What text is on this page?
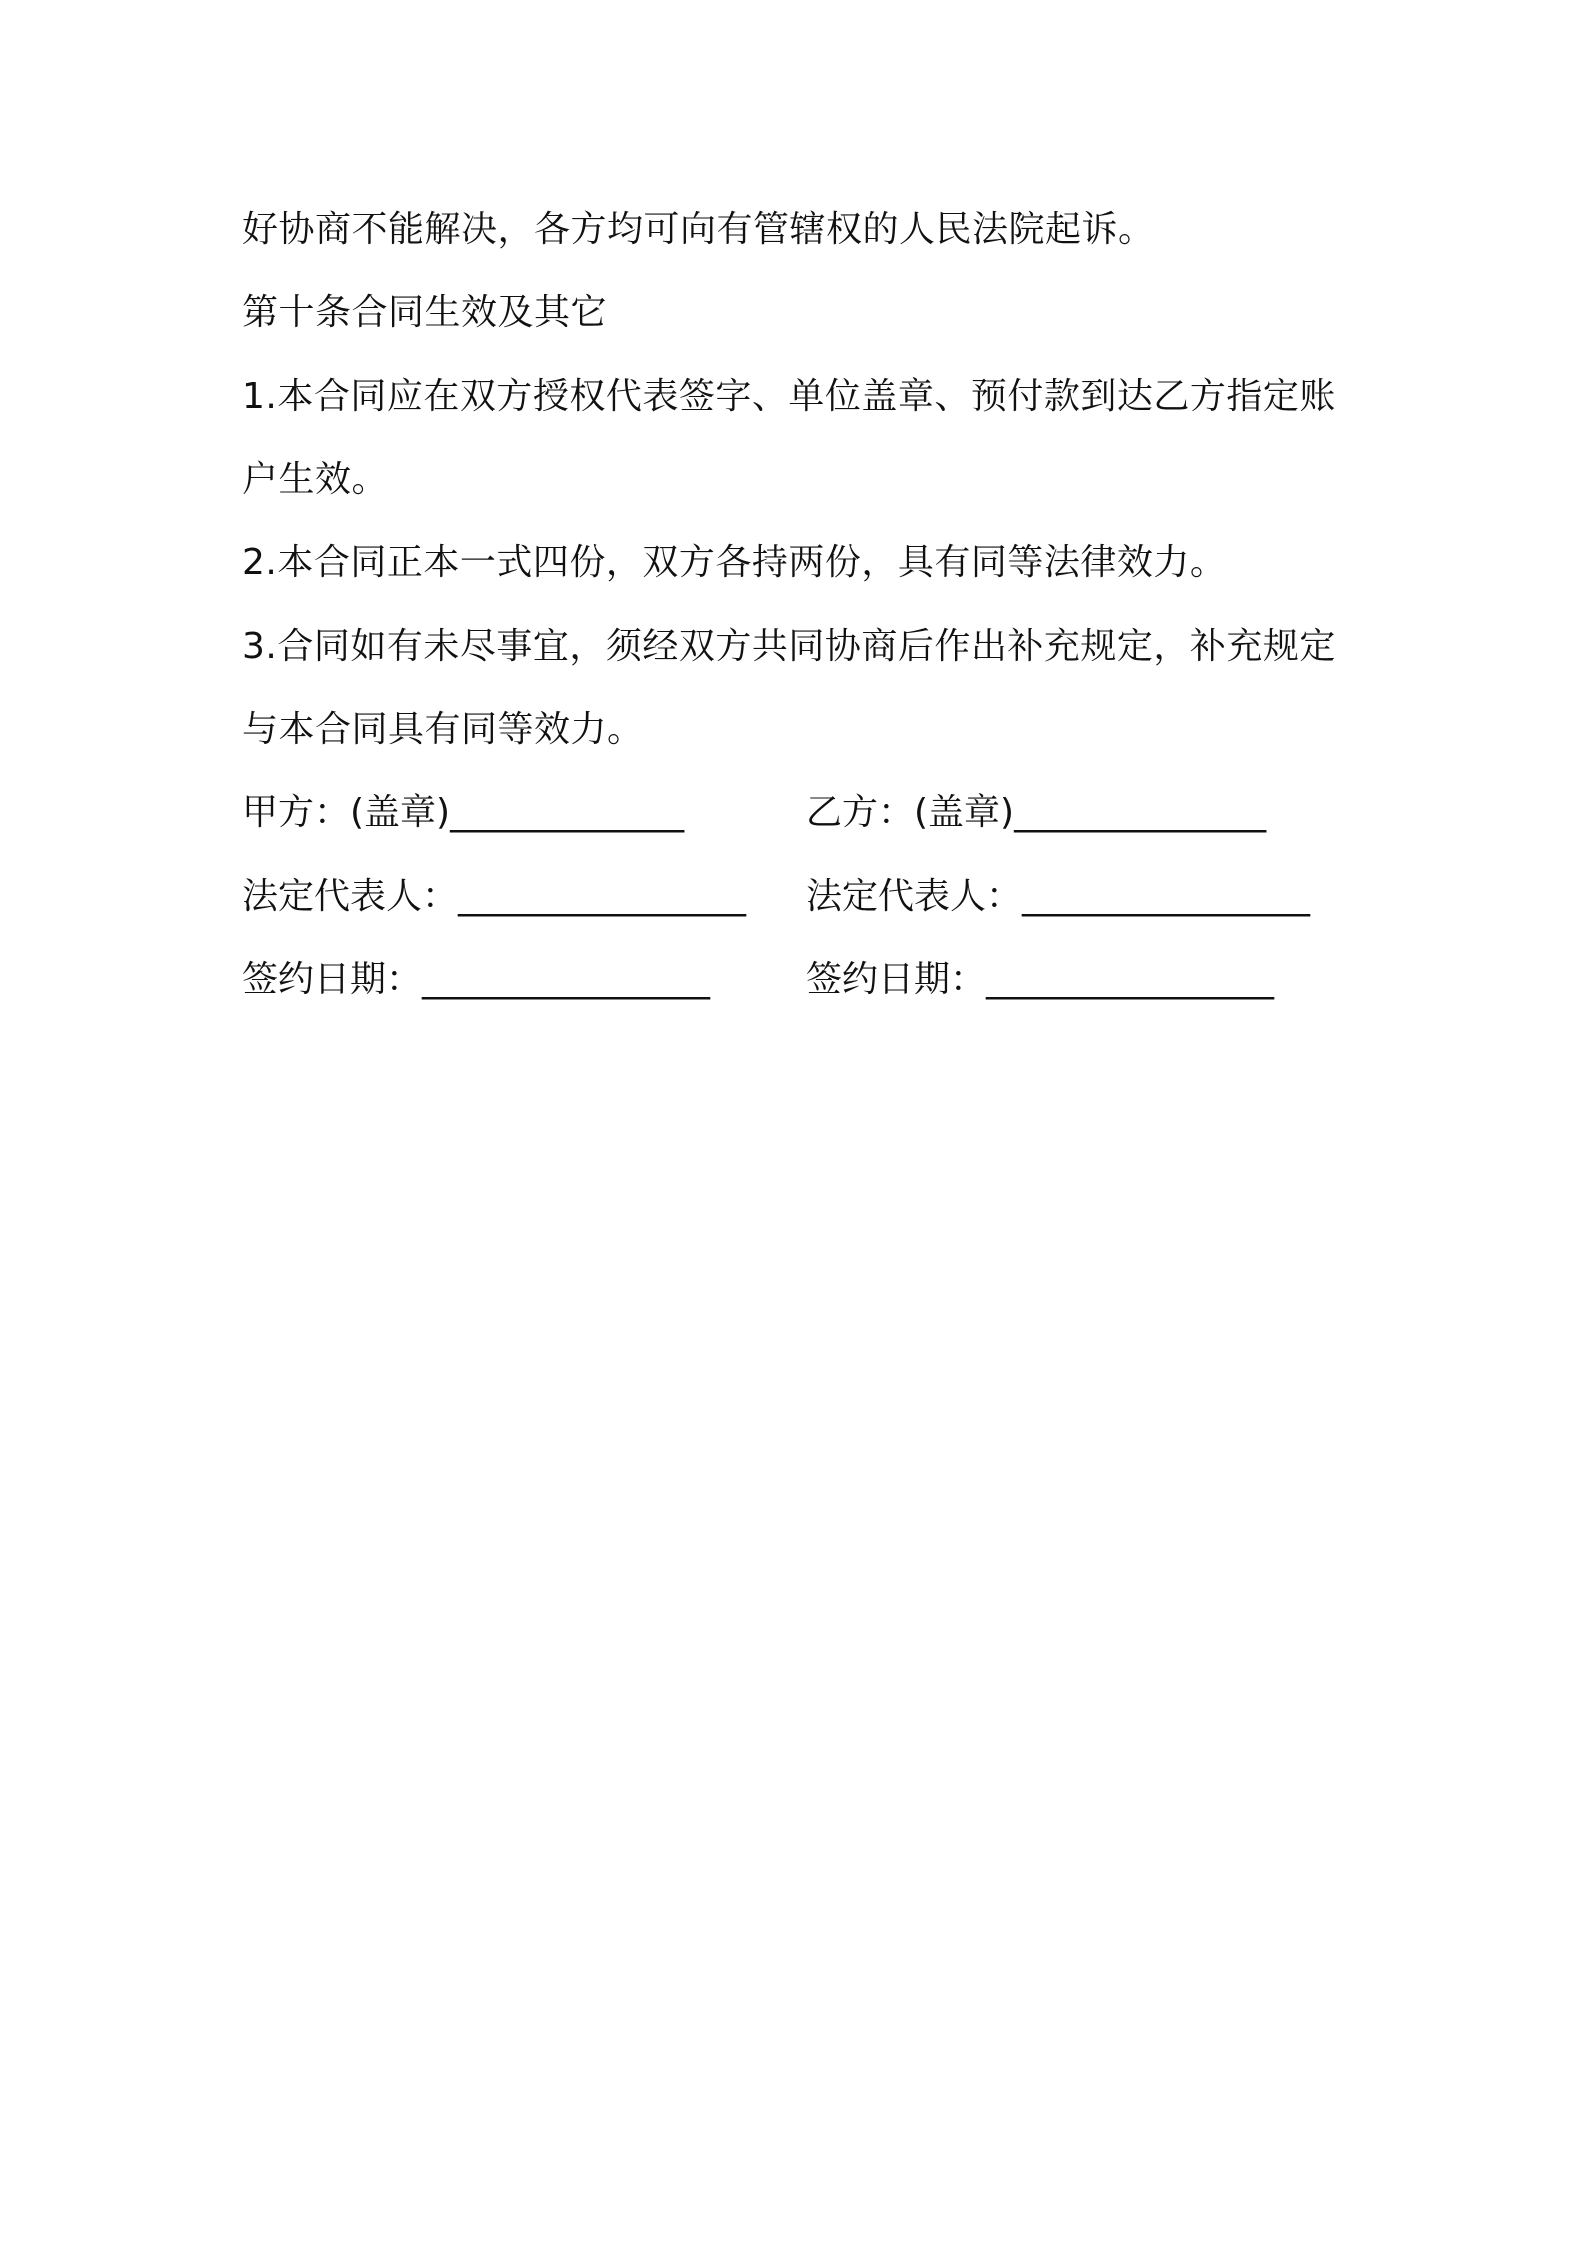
好协商不能解决，各方均可向有管辖权的人民法院起诉。
第十条合同生效及其它
1.本合同应在双方授权代表签字、单位盖章、预付款到达乙方指定账
户生效。
2.本合同正本一式四份，双方各持两份，具有同等法律效力。
3.合同如有未尽事宜，须经双方共同协商后作出补充规定，补充规定
与本合同具有同等效力。
甲方：(盖章)_____________	乙方：(盖章)______________
法定代表人：________________ 法定代表人：________________
签约日期：________________	签约日期：________________
